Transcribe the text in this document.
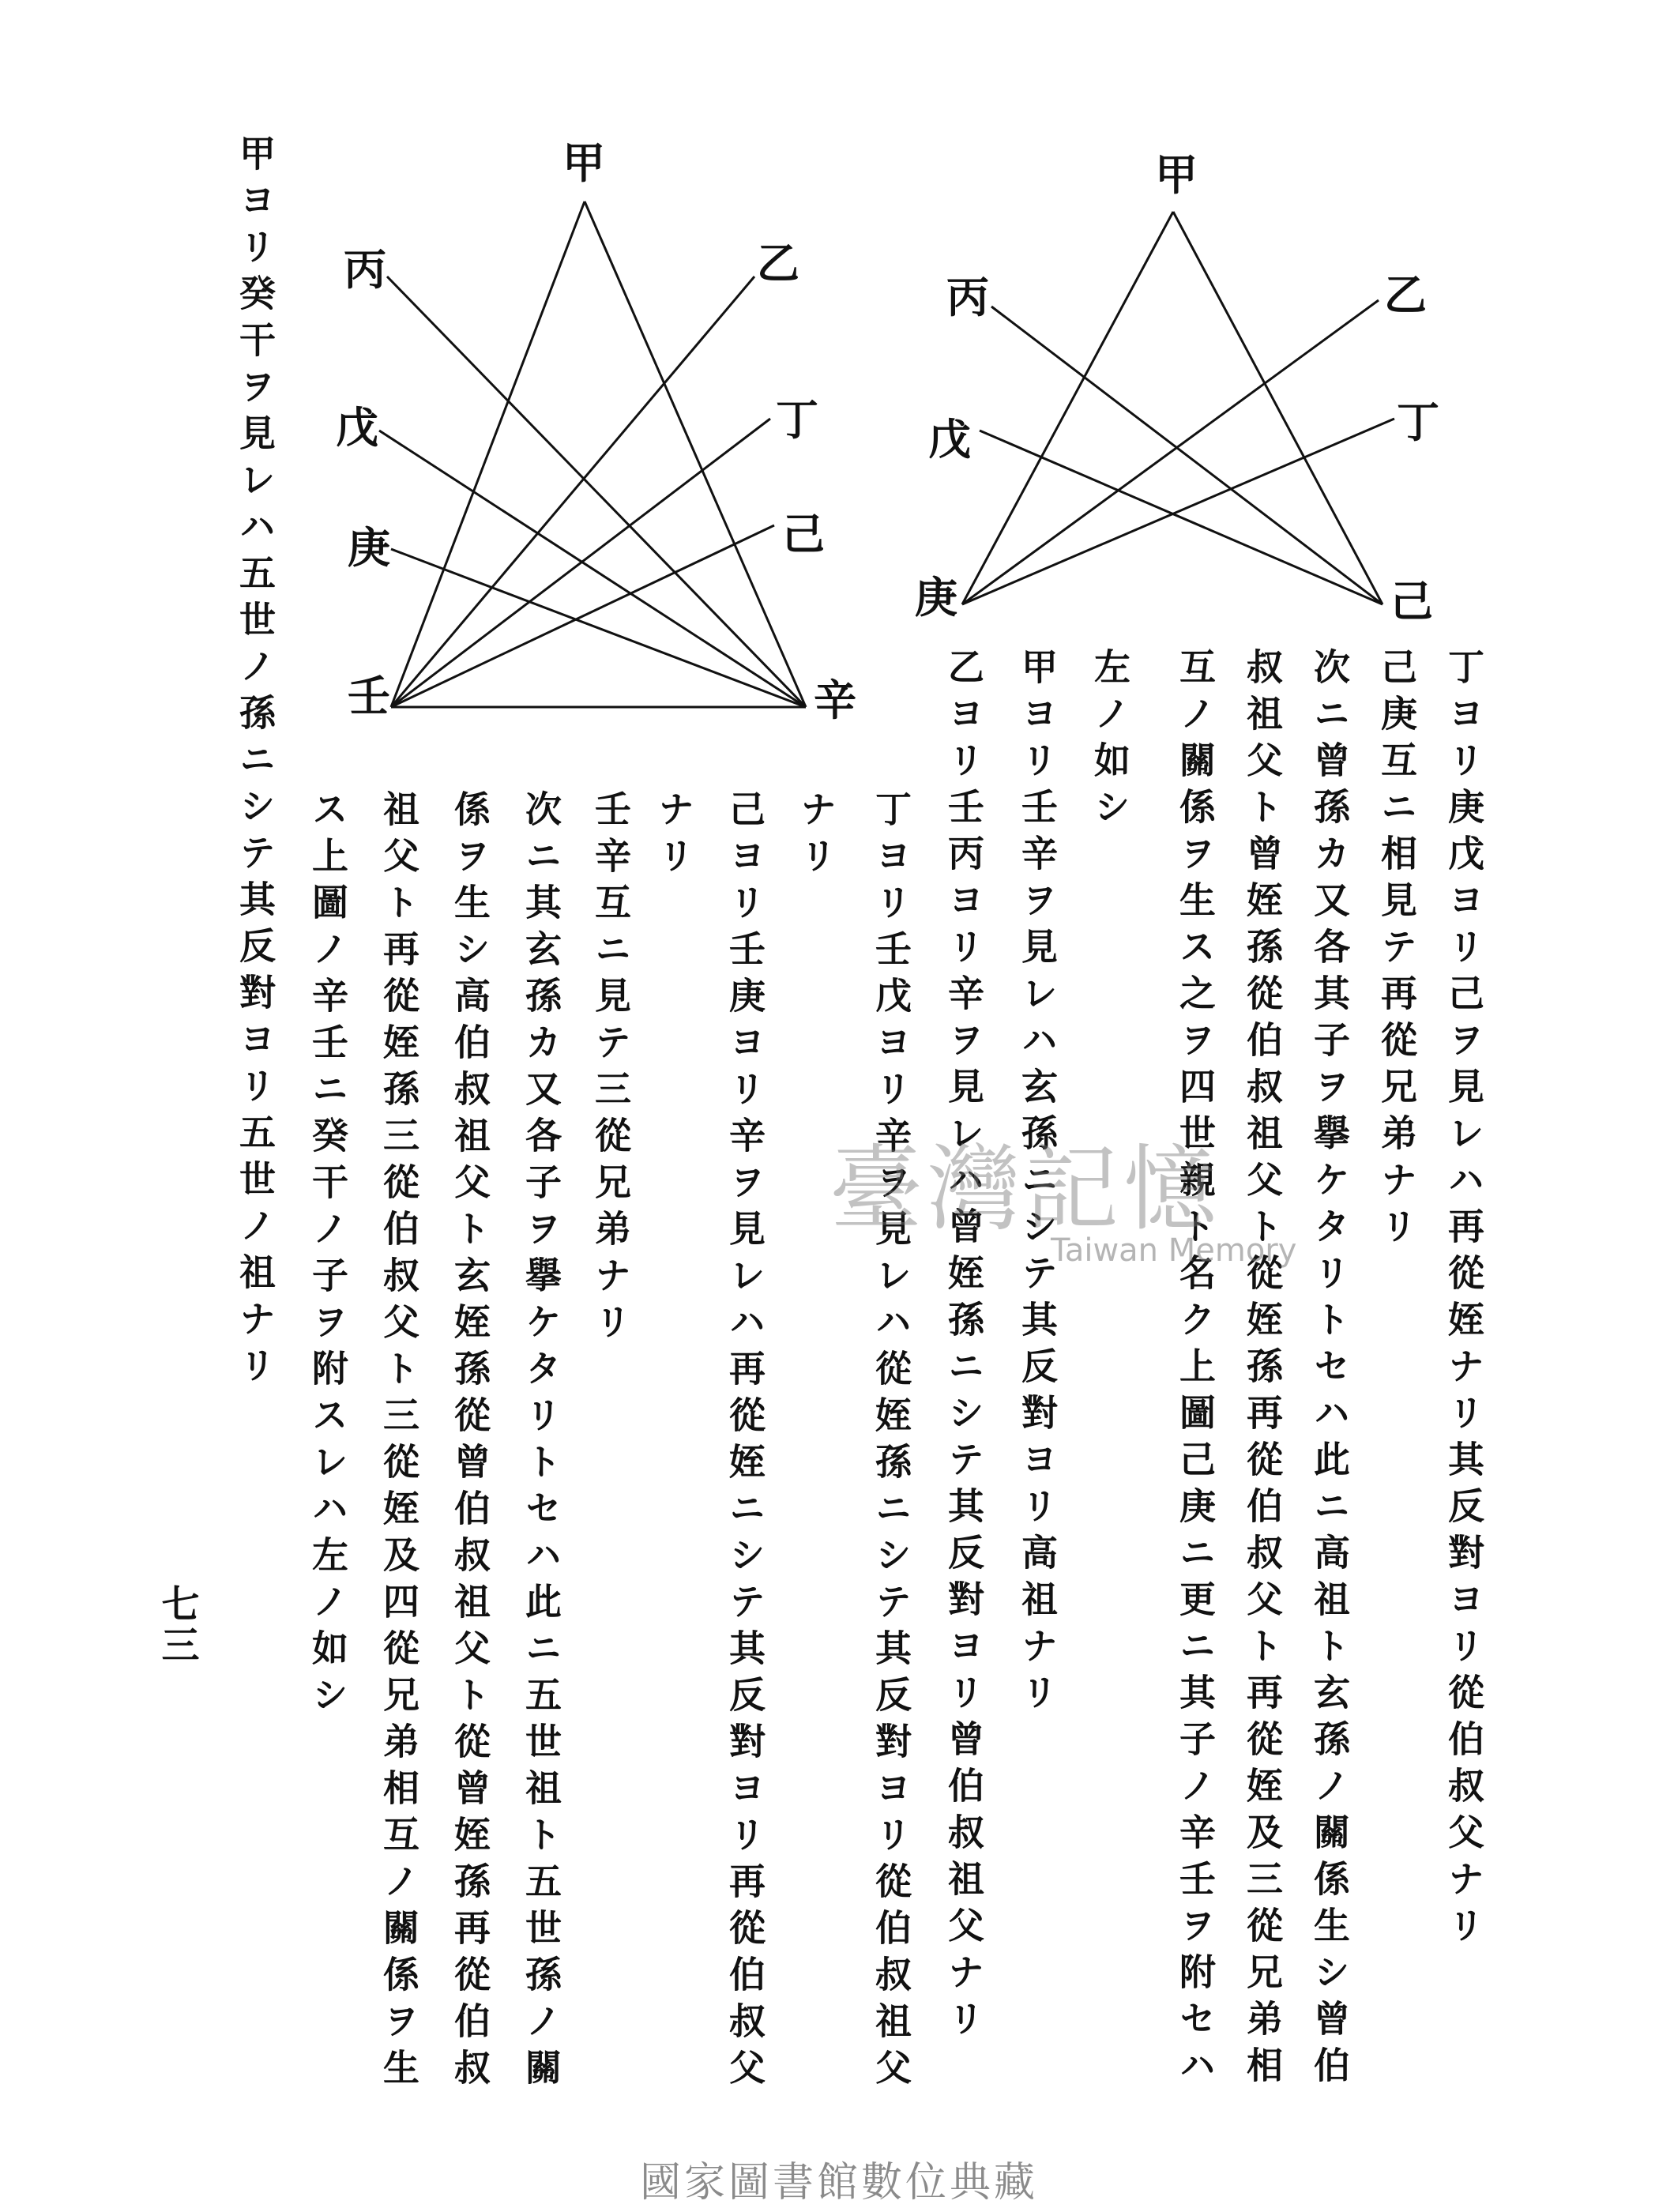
甲
丙
戊
庚
乙
丁
己
甲
丙
戊
庚
壬
乙
丁
己
辛	丁ヨリ庚戊ヨリ己ヲ見レハ再從姪ナリ其反對ヨリ從伯叔父ナリ
己庚互ニ相見テ再從兄弟ナリ
次ニ曾孫カ又各其子ヲ擧ケタリトセハ此ニ高祖ト玄孫ノ關係生シ曾伯
叔祖父ト曾姪孫從伯叔祖父ト從姪孫再從伯叔父ト再從姪及三從兄弟相
互ノ關係ヲ生ス之ヲ四世親ト名ク上圖己庚ニ更ニ其子ノ辛壬ヲ附セハ
左ノ如シ
甲ヨリ壬辛ヲ見レハ玄孫ニシテ其反對ヨリ高祖ナリ
乙ヨリ壬丙ヨリ辛ヲ見レハ曾姪孫ニシテ其反對ヨリ曾伯叔祖父ナリ
丁ヨリ壬戊ヨリ辛ヲ見レハ從姪孫ニシテ其反對ヨリ從伯叔祖父
ナリ
己ヨリ壬庚ヨリ辛ヲ見レハ再從姪ニシテ其反對ヨリ再從伯叔父
ナリ
壬辛互ニ見テ三從兄弟ナリ
次ニ其玄孫カ又各子ヲ擧ケタリトセハ此ニ五世祖ト五世孫ノ關
係ヲ生シ高伯叔祖父ト玄姪孫從曾伯叔祖父ト從曾姪孫再從伯叔
祖父ト再從姪孫三從伯叔父ト三從姪及四從兄弟相互ノ關係ヲ生
ス上圖ノ辛壬ニ癸干ノ子ヲ附スレハ左ノ如シ
甲ヨリ癸干ヲ見レハ五世ノ孫ニシテ其反對ヨリ五世ノ祖ナリ
七三
臺灣記憶
Taiwan Memory
國家圖書館數位典藏
